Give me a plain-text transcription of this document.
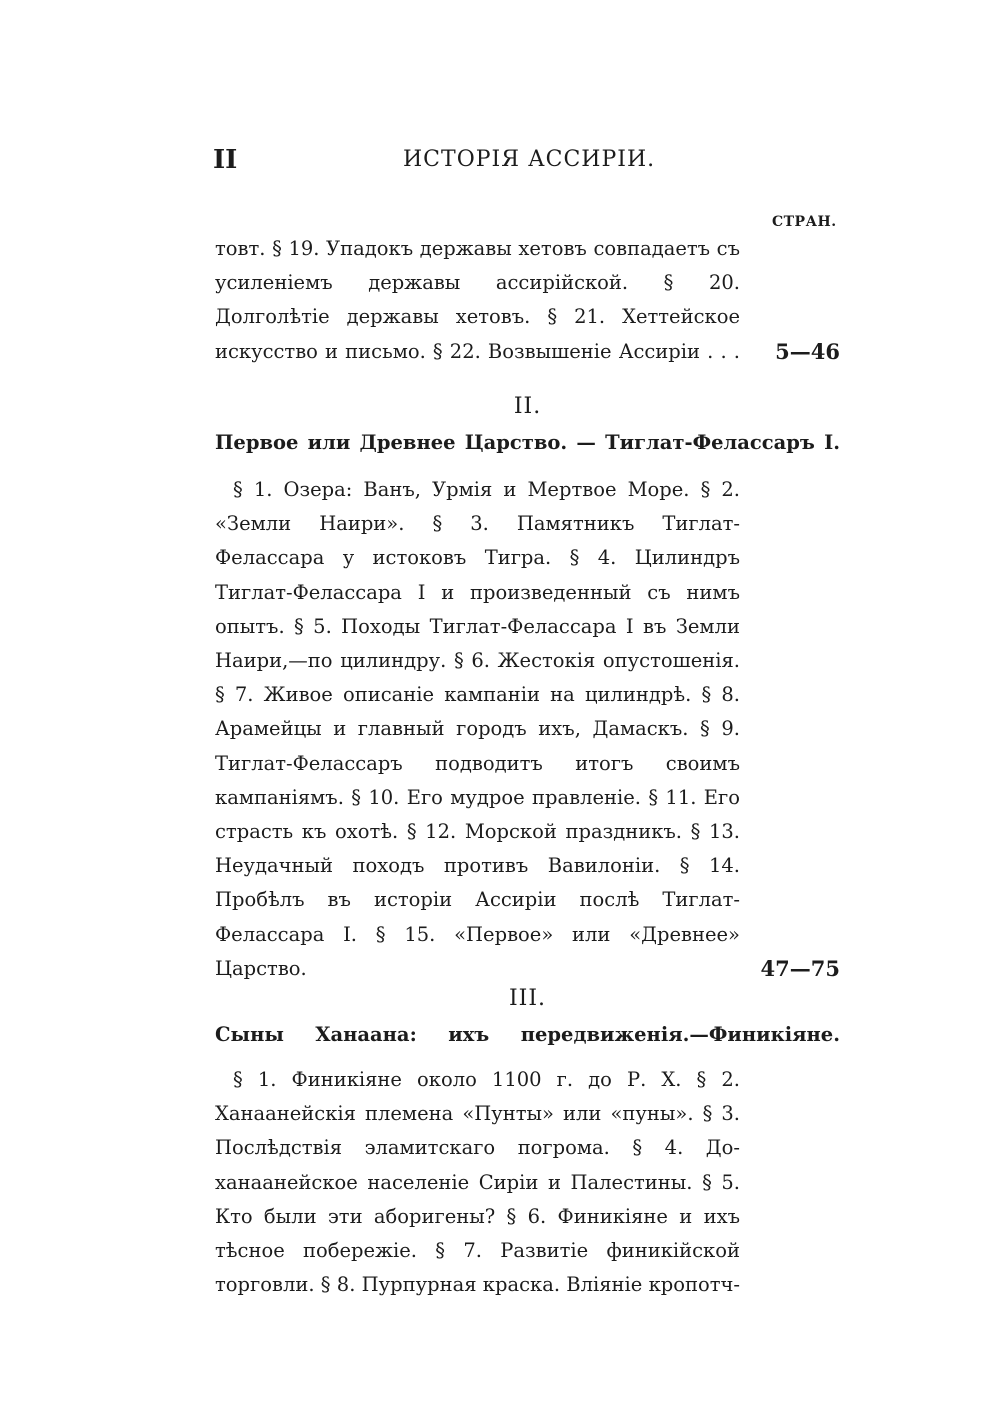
II	ИСТОРІЯ АССИРІИ.
СТРАН.
товт. § 19. Упадокъ державы хетовъ совпадаетъ съ усиленіемъ державы ассирійской. § 20. Долголѣтіе державы хетовъ. § 21. Хеттейское искусство и письмо. § 22. Возвышеніе Ассиріи . . . 5—46
II.
Первое или Древнее Царство. — Тиглат-Фелассаръ I.
§ 1. Озера: Ванъ, Урмія и Мертвое Море. § 2. «Земли Наири». § 3. Памятникъ Тиглат-Фелассара у истоковъ Тигра. § 4. Цилиндръ Тиглат-Фелассара I и произведенный съ нимъ опытъ. § 5. Походы Тиглат-Фелассара I въ Земли Наири,—по цилиндру. § 6. Жестокія опустошенія. § 7. Живое описаніе кампаніи на цилиндрѣ. § 8. Арамейцы и главный городъ ихъ, Дамаскъ. § 9. Тиглат-Фелассаръ подводитъ итогъ своимъ кампаніямъ. § 10. Его мудрое правленіе. § 11. Его страсть къ охотѣ. § 12. Морской праздникъ. § 13. Неудачный походъ противъ Вавилоніи. § 14. Пробѣлъ въ исторіи Ассиріи послѣ Тиглат-Фелассара I. § 15. «Первое» или «Древнее» Царство.	47—75
III.
Сыны Ханаана: ихъ передвиженія.—Финикіяне.
§ 1. Финикіяне около 1100 г. до Р. Х. § 2. Ханаанейскія племена «Пунты» или «пуны». § 3. Послѣдствія эламитскаго погрома. § 4. До-ханаанейское населеніе Сиріи и Палестины. § 5. Кто были эти аборигены? § 6. Финикіяне и ихъ тѣсное побережіе. § 7. Развитіе финикійской торговли. § 8. Пурпурная краска. Вліяніе кропотч-
